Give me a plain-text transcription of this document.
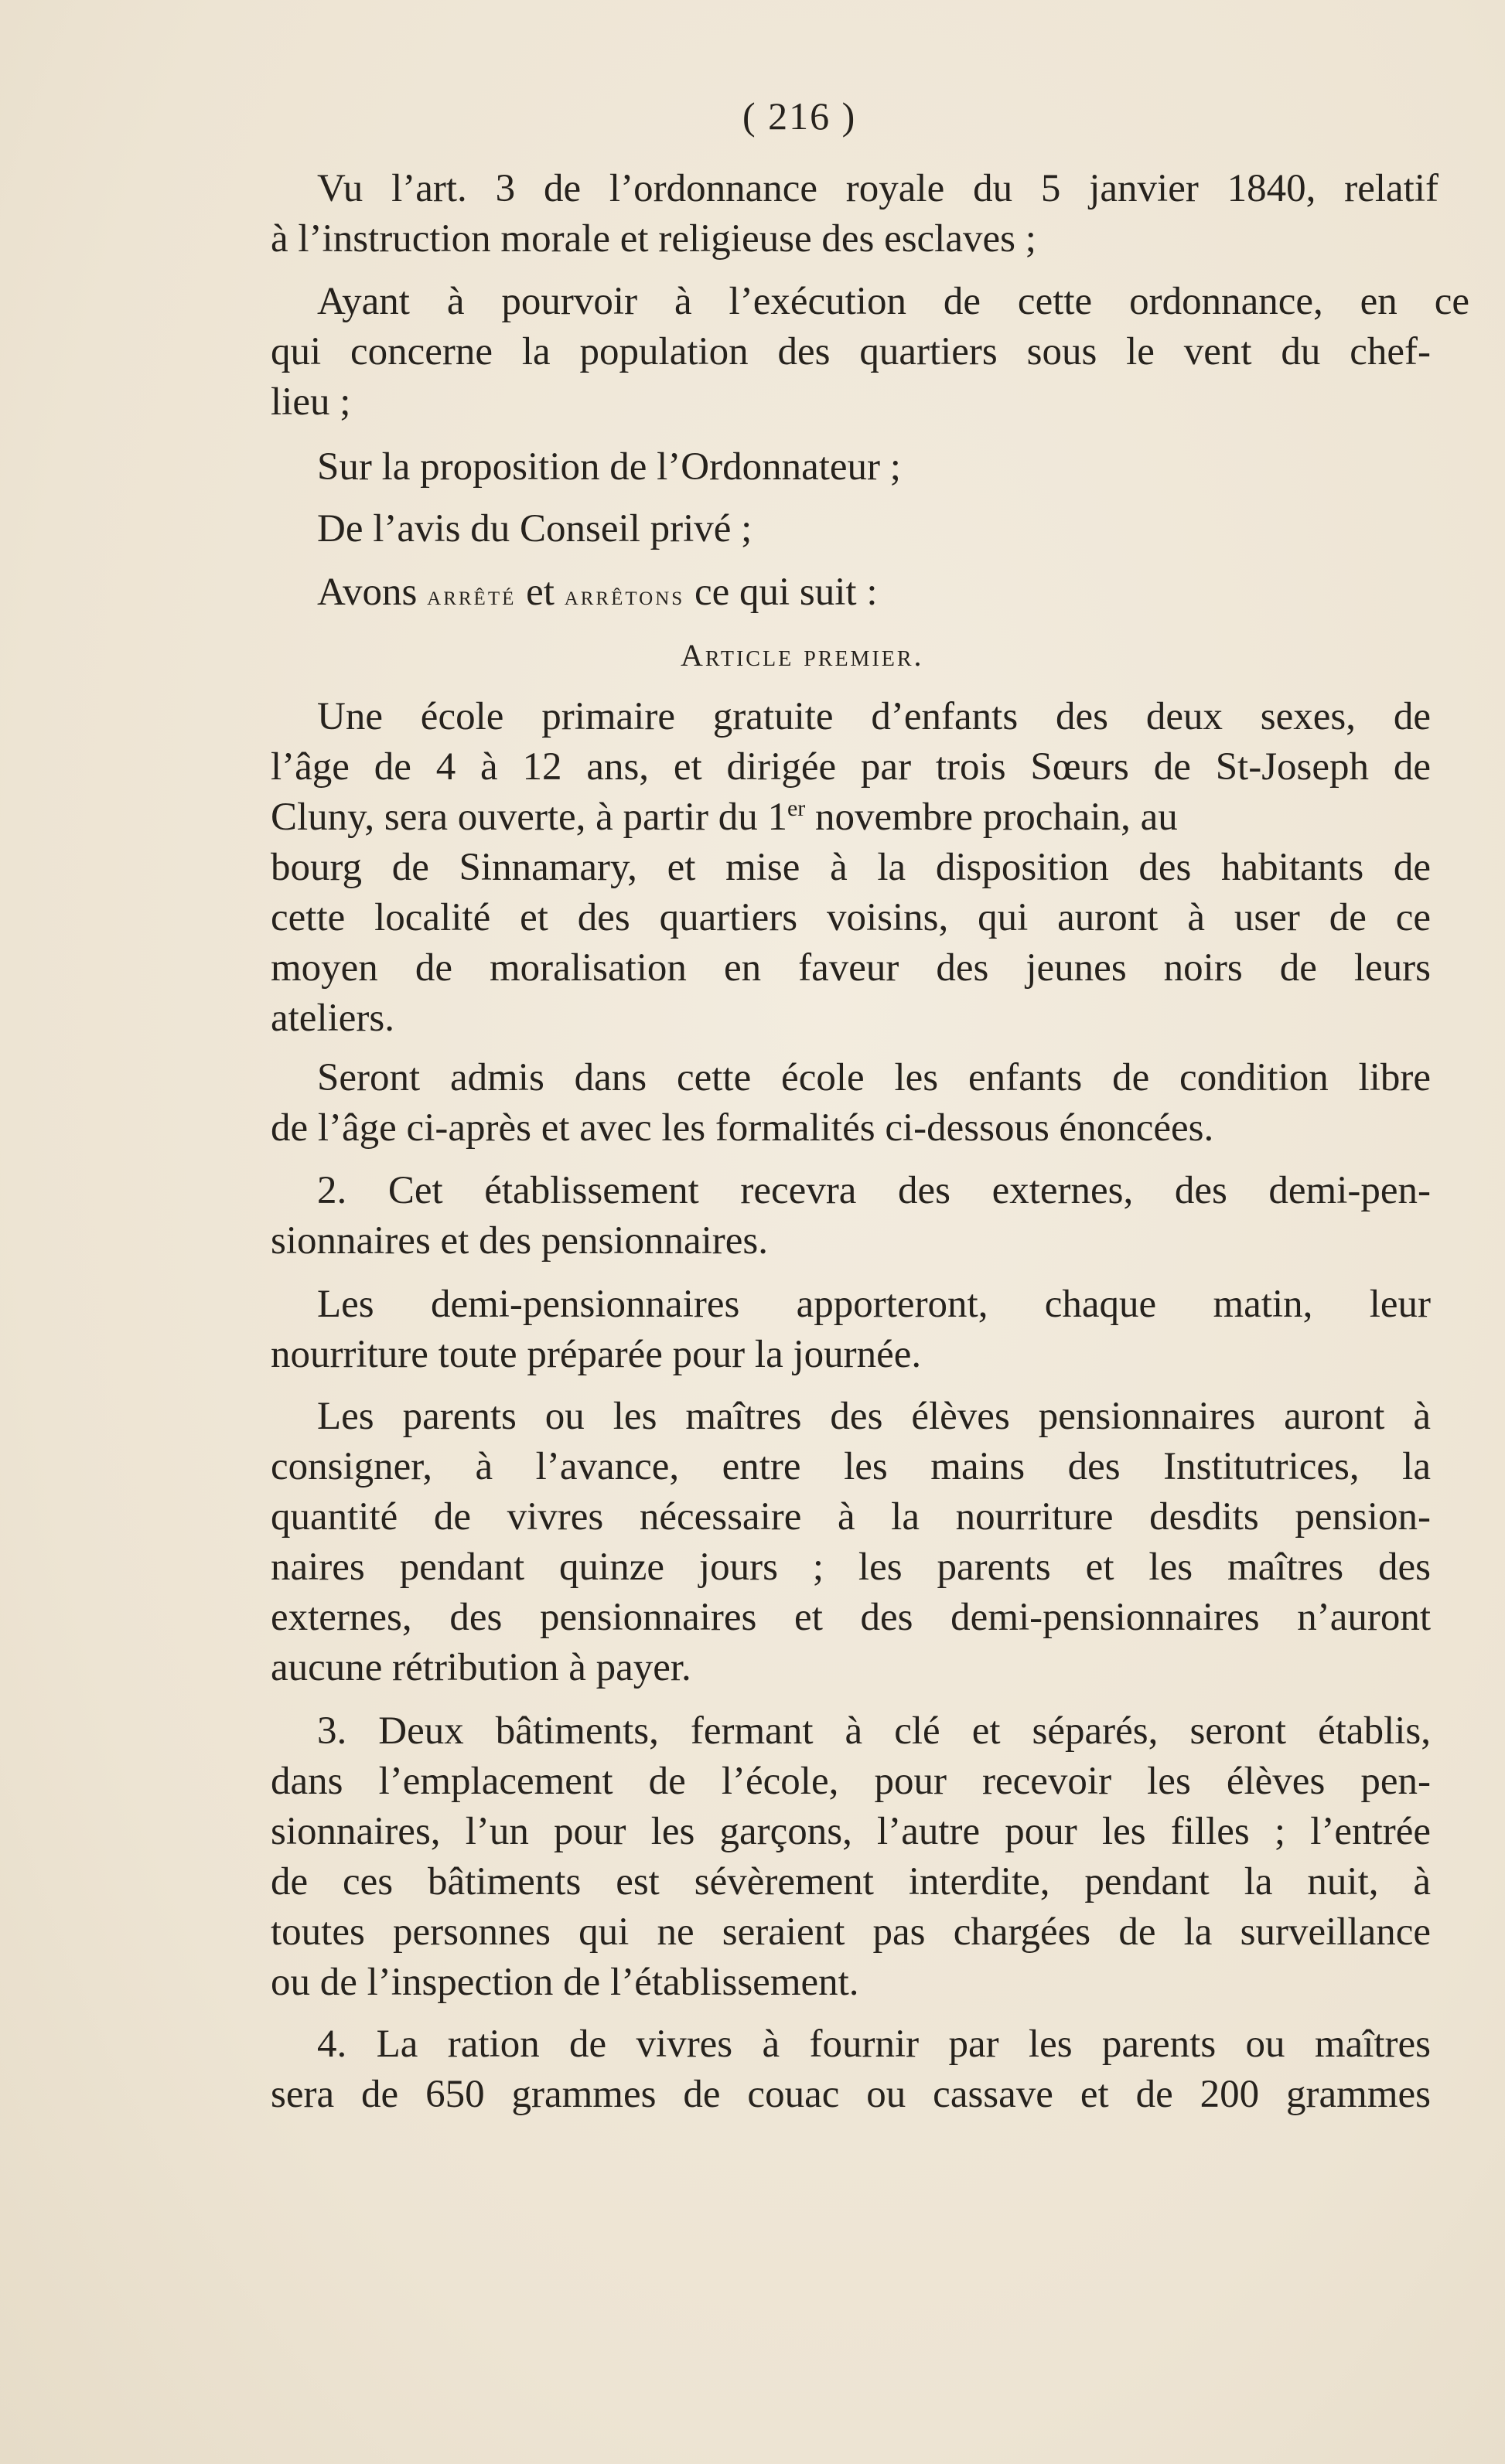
( 216 )
Vu l’art. 3 de l’ordonnance royale du 5 janvier 1840, relatif
à l’instruction morale et religieuse des esclaves ;
Ayant à pourvoir à l’exécution de cette ordonnance, en ce
qui concerne la population des quartiers sous le vent du chef-
lieu ;
Sur la proposition de l’Ordonnateur ;
De l’avis du Conseil privé ;
Avons arrêté et arrêtons ce qui suit :
Article premier.
Une école primaire gratuite d’enfants des deux sexes, de
l’âge de 4 à 12 ans, et dirigée par trois Sœurs de St-Joseph de
Cluny, sera ouverte, à partir du 1er novembre prochain, au
bourg de Sinnamary, et mise à la disposition des habitants de
cette localité et des quartiers voisins, qui auront à user de ce
moyen de moralisation en faveur des jeunes noirs de leurs
ateliers.
Seront admis dans cette école les enfants de condition libre
de l’âge ci-après et avec les formalités ci-dessous énoncées.
2. Cet établissement recevra des externes, des demi-pen-
sionnaires et des pensionnaires.
Les demi-pensionnaires apporteront, chaque matin, leur
nourriture toute préparée pour la journée.
Les parents ou les maîtres des élèves pensionnaires auront à
consigner, à l’avance, entre les mains des Institutrices, la
quantité de vivres nécessaire à la nourriture desdits pension-
naires pendant quinze jours ; les parents et les maîtres des
externes, des pensionnaires et des demi-pensionnaires n’auront
aucune rétribution à payer.
3. Deux bâtiments, fermant à clé et séparés, seront établis,
dans l’emplacement de l’école, pour recevoir les élèves pen-
sionnaires, l’un pour les garçons, l’autre pour les filles ; l’entrée
de ces bâtiments est sévèrement interdite, pendant la nuit, à
toutes personnes qui ne seraient pas chargées de la surveillance
ou de l’inspection de l’établissement.
4. La ration de vivres à fournir par les parents ou maîtres
sera de 650 grammes de couac ou cassave et de 200 grammes
